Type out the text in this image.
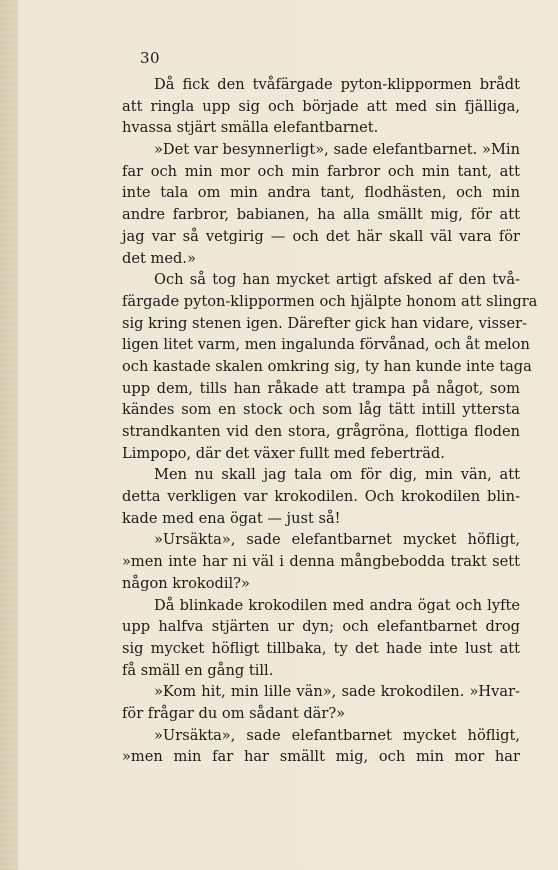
30
Då fick den tvåfärgade pyton-klippormen brådt
att ringla upp sig och började att med sin fjälliga,
hvassa stjärt smälla elefantbarnet.
»Det var besynnerligt», sade elefantbarnet. »Min
far och min mor och min farbror och min tant, att
inte tala om min andra tant, flodhästen, och min
andre farbror, babianen, ha alla smällt mig, för att
jag var så vetgirig — och det här skall väl vara för
det med.»
Och så tog han mycket artigt afsked af den två-
färgade pyton-klippormen och hjälpte honom att slingra
sig kring stenen igen. Därefter gick han vidare, visser-
ligen litet varm, men ingalunda förvånad, och åt melon
och kastade skalen omkring sig, ty han kunde inte taga
upp dem, tills han råkade att trampa på något, som
kändes som en stock och som låg tätt intill yttersta
strandkanten vid den stora, grågröna, flottiga floden
Limpopo, där det växer fullt med feberträd.
Men nu skall jag tala om för dig, min vän, att
detta verkligen var krokodilen. Och krokodilen blin-
kade med ena ögat — just så!
»Ursäkta», sade elefantbarnet mycket höfligt,
»men inte har ni väl i denna mångbebodda trakt sett
någon krokodil?»
Då blinkade krokodilen med andra ögat och lyfte
upp halfva stjärten ur dyn; och elefantbarnet drog
sig mycket höfligt tillbaka, ty det hade inte lust att
få smäll en gång till.
»Kom hit, min lille vän», sade krokodilen. »Hvar-
för frågar du om sådant där?»
»Ursäkta», sade elefantbarnet mycket höfligt,
»men min far har smällt mig, och min mor har
